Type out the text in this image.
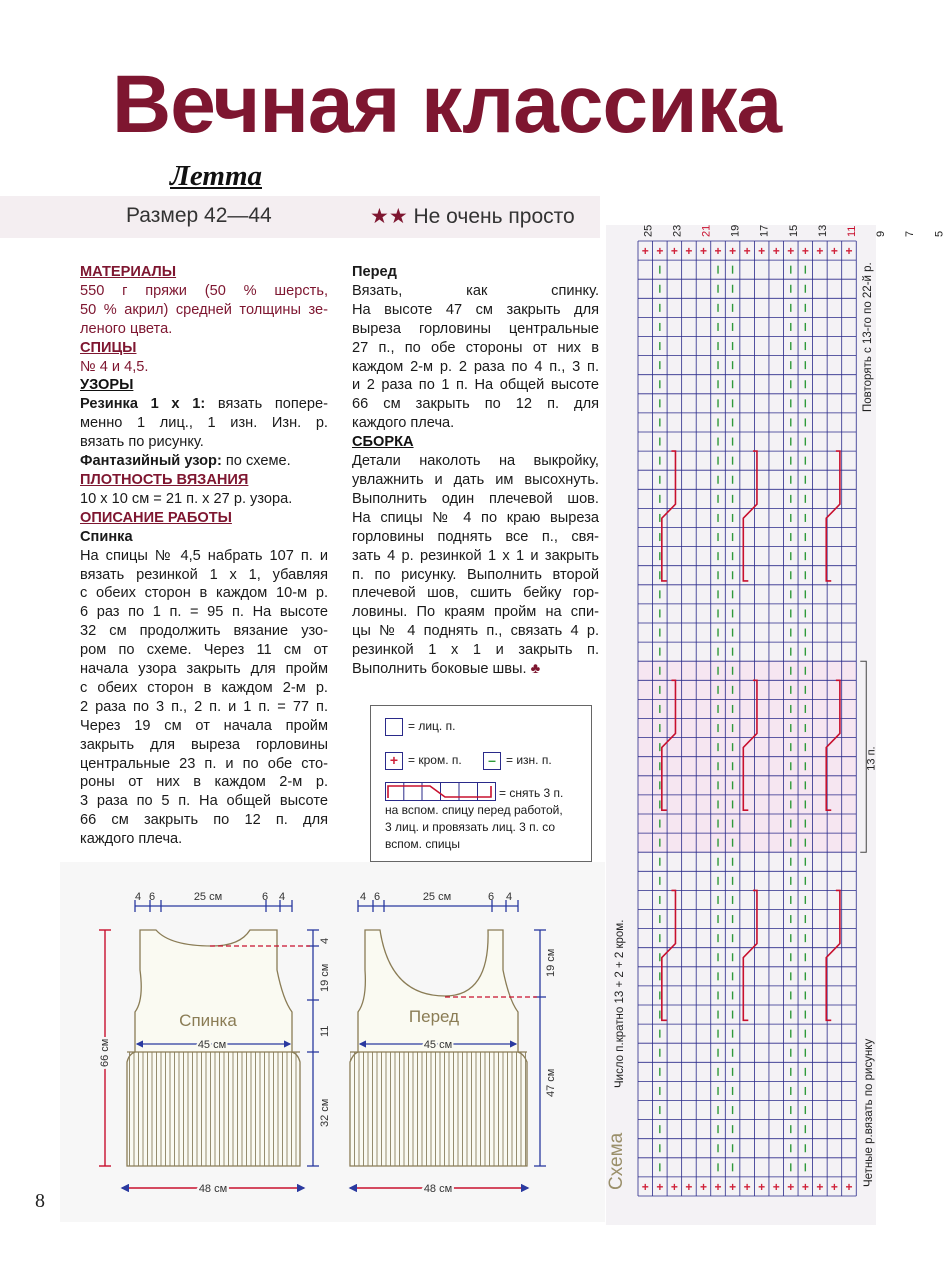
Вечная классика
Летта
Размер 42—44	★★ Не очень просто
МАТЕРИАЛЫ
550 г пряжи (50 % шерсть,
50 % акрил) средней толщины зе-
леного цвета.
СПИЦЫ
№ 4 и 4,5.
УЗОРЫ
Резинка 1 х 1: вязать попере-
менно 1 лиц., 1 изн. Изн. р.
вязать по рисунку.
Фантазийный узор: по схеме.
ПЛОТНОСТЬ ВЯЗАНИЯ
10 х 10 см = 21 п. х 27 р. узора.
ОПИСАНИЕ РАБОТЫ
Спинка
На спицы № 4,5 набрать 107 п. и
вязать резинкой 1 х 1, убавляя
с обеих сторон в каждом 10-м р.
6 раз по 1 п. = 95 п. На высоте
32 см продолжить вязание узо-
ром по схеме. Через 11 см от
начала узора закрыть для пройм
с обеих сторон в каждом 2-м р.
2 раза по 3 п., 2 п. и 1 п. = 77 п.
Через 19 см от начала пройм
закрыть для выреза горловины
центральные 23 п. и по обе сто-
роны от них в каждом 2-м р.
3 раза по 5 п. На общей высоте
66 см закрыть по 12 п. для
каждого плеча.
Перед
Вязать, как спинку.
На высоте 47 см закрыть для
выреза горловины центральные
27 п., по обе стороны от них в
каждом 2-м р. 2 раза по 4 п., 3 п.
и 2 раза по 1 п. На общей высоте
66 см закрыть по 12 п. для
каждого плеча.
СБОРКА
Детали наколоть на выкройку,
увлажнить и дать им высохнуть.
Выполнить один плечевой шов.
На спицы № 4 по краю выреза
горловины поднять все п., свя-
зать 4 р. резинкой 1 х 1 и закрыть
п. по рисунку. Выполнить второй
плечевой шов, сшить бейку гор-
ловины. По краям пройм на спи-
цы № 4 поднять п., связать 4 р.
резинкой 1 х 1 и закрыть п.
Выполнить боковые швы. ♣
= лиц. п.
+ = кром. п.	– = изн. п.
= снять 3 п.
на вспом. спицу перед работой,
3 лиц. и провязать лиц. 3 п. со
вспом. спицы
Спинка	Перед
4 6	25 см	6 4	4 6	25 см	6 4
45 см	45 см
48 см	48 см
66 см
4
19 см
11
32 см
19 см
47 см
+ + + + + + + + + + + + + + +
+ + + + + + + + + + + + + + +
25 23 21 19 17 15 13 11 9 7 5
13 п.
Схема
Число п.кратно 13 + 2 + 2 кром.
Повторять с 13-го по 22-й р.
Четные р.вязать по рисунку
8
